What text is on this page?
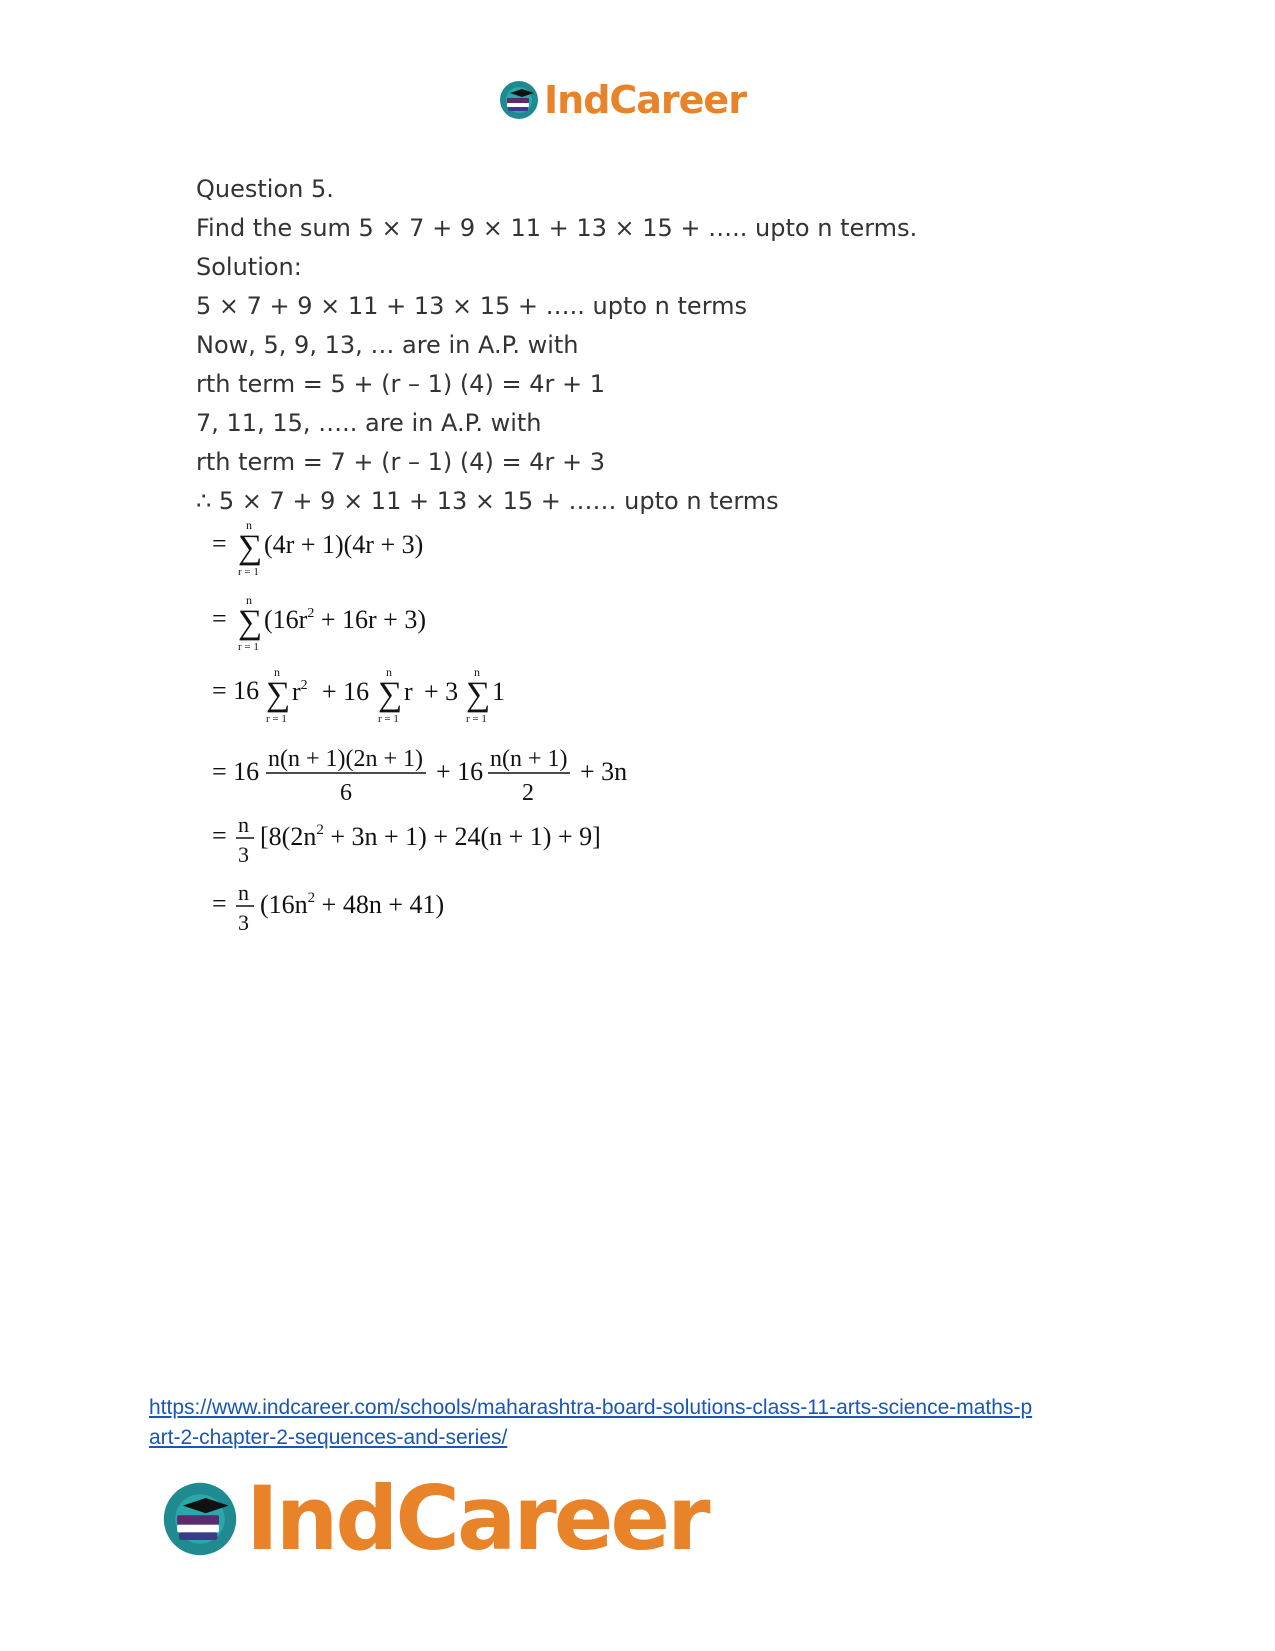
IndCareer
Question 5.
Find the sum 5 × 7 + 9 × 11 + 13 × 15 + ….. upto n terms.
Solution:
5 × 7 + 9 × 11 + 13 × 15 + ….. upto n terms
Now, 5, 9, 13, … are in A.P. with
rth term = 5 + (r – 1) (4) = 4r + 1
7, 11, 15, ….. are in A.P. with
rth term = 7 + (r – 1) (4) = 4r + 3
∴ 5 × 7 + 9 × 11 + 13 × 15 + …… upto n terms
=
n
∑
r = 1
(4r + 1)(4r + 3)
=
n
∑
r = 1
$(16r^2 + 16r + 3)$
= 16
n
∑
r = 1
$r^2 + 16$
n
∑
r = 1
r + 3
n
∑
r = 1
1
= 16 n(n + 1)(2n + 1)
6
+ 16 n(n + 1)
2
+ 3n
= n
3
$[8(2n^2 + 3n + 1) + 24(n + 1) + 9]$
= n
3
$(16n^2 + 48n + 41)$
https://www.indcareer.com/schools/maharashtra-board-solutions-class-11-arts-science-maths-p
art-2-chapter-2-sequences-and-series/
IndCareer
